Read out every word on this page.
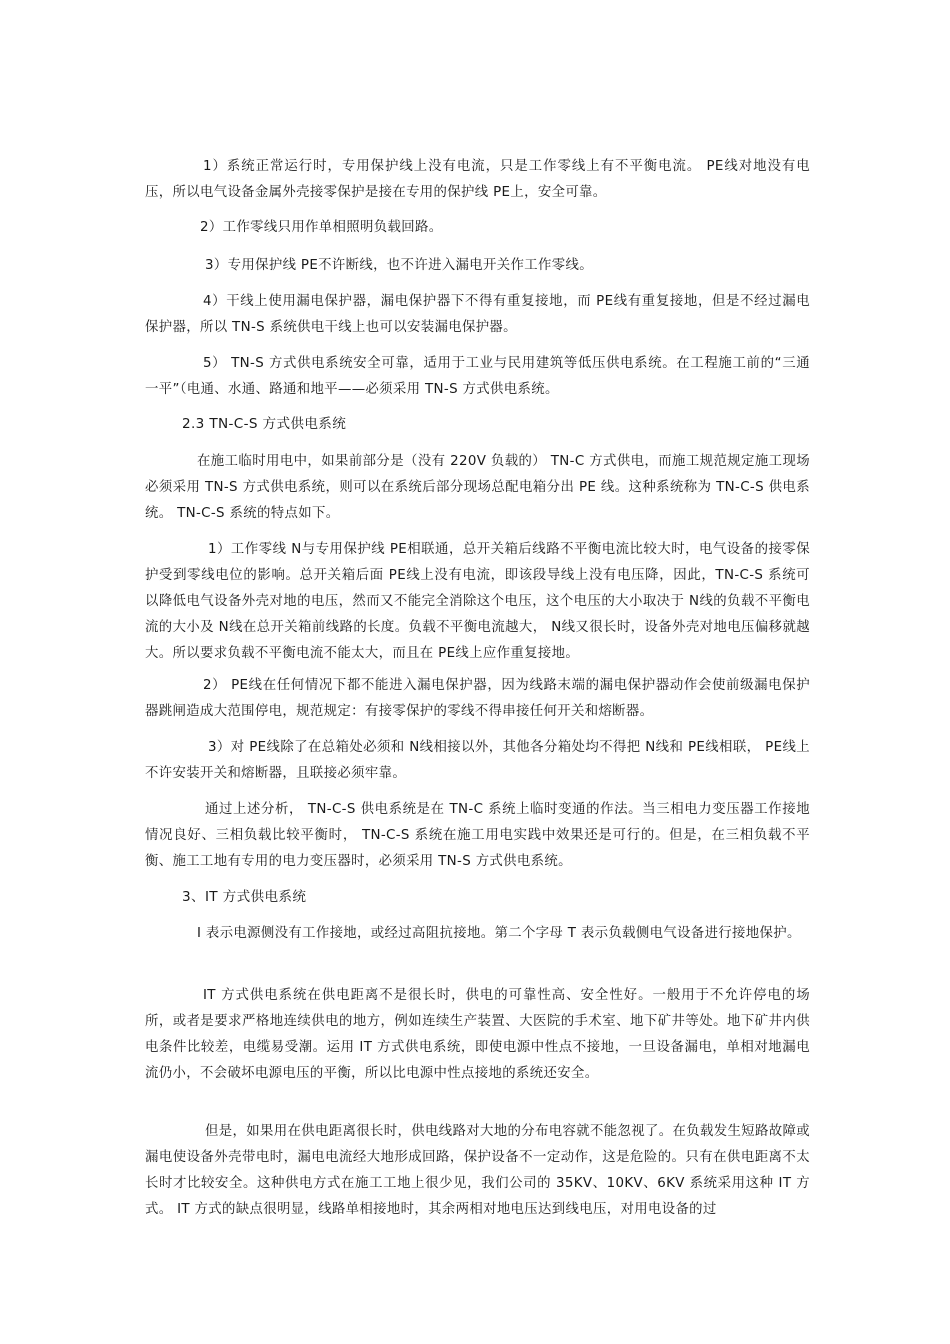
1）系统正常运行时，专用保护线上没有电流，只是工作零线上有不平衡电流。 PE线对地没有电压，所以电气设备金属外壳接零保护是接在专用的保护线 PE上，安全可靠。

2）工作零线只用作单相照明负载回路。

3）专用保护线 PE不许断线，也不许进入漏电开关作工作零线。

4）干线上使用漏电保护器，漏电保护器下不得有重复接地，而 PE线有重复接地，但是不经过漏电保护器，所以 TN-S 系统供电干线上也可以安装漏电保护器。

5） TN-S 方式供电系统安全可靠，适用于工业与民用建筑等低压供电系统。在工程施工前的“三通一平”（电通、水通、路通和地平——必须采用 TN-S 方式供电系统。

2.3 TN-C-S 方式供电系统

在施工临时用电中，如果前部分是（没有 220V 负载的） TN-C 方式供电，而施工规范规定施工现场必须采用 TN-S 方式供电系统，则可以在系统后部分现场总配电箱分出 PE 线。这种系统称为 TN-C-S 供电系统。 TN-C-S 系统的特点如下。

1）工作零线 N与专用保护线 PE相联通，总开关箱后线路不平衡电流比较大时，电气设备的接零保护受到零线电位的影响。总开关箱后面 PE线上没有电流，即该段导线上没有电压降，因此，TN-C-S 系统可以降低电气设备外壳对地的电压，然而又不能完全消除这个电压，这个电压的大小取决于 N线的负载不平衡电流的大小及 N线在总开关箱前线路的长度。负载不平衡电流越大， N线又很长时，设备外壳对地电压偏移就越大。所以要求负载不平衡电流不能太大，而且在 PE线上应作重复接地。

2） PE线在任何情况下都不能进入漏电保护器，因为线路末端的漏电保护器动作会使前级漏电保护器跳闸造成大范围停电，规范规定：有接零保护的零线不得串接任何开关和熔断器。

3）对 PE线除了在总箱处必须和 N线相接以外，其他各分箱处均不得把 N线和 PE线相联， PE线上不许安装开关和熔断器，且联接必须牢靠。

通过上述分析， TN-C-S 供电系统是在 TN-C 系统上临时变通的作法。当三相电力变压器工作接地情况良好、三相负载比较平衡时， TN-C-S 系统在施工用电实践中效果还是可行的。但是，在三相负载不平衡、施工工地有专用的电力变压器时，必须采用 TN-S 方式供电系统。

3、IT 方式供电系统

I 表示电源侧没有工作接地，或经过高阻抗接地。第二个字母 T 表示负载侧电气设备进行接地保护。

IT 方式供电系统在供电距离不是很长时，供电的可靠性高、安全性好。一般用于不允许停电的场所，或者是要求严格地连续供电的地方，例如连续生产装置、大医院的手术室、地下矿井等处。地下矿井内供电条件比较差，电缆易受潮。运用 IT 方式供电系统，即使电源中性点不接地，一旦设备漏电，单相对地漏电流仍小，不会破坏电源电压的平衡，所以比电源中性点接地的系统还安全。

但是，如果用在供电距离很长时，供电线路对大地的分布电容就不能忽视了。在负载发生短路故障或漏电使设备外壳带电时，漏电电流经大地形成回路，保护设备不一定动作，这是危险的。只有在供电距离不太长时才比较安全。这种供电方式在施工工地上很少见，我们公司的 35KV、10KV、6KV 系统采用这种 IT 方式。 IT 方式的缺点很明显，线路单相接地时，其余两相对地电压达到线电压，对用电设备的过
